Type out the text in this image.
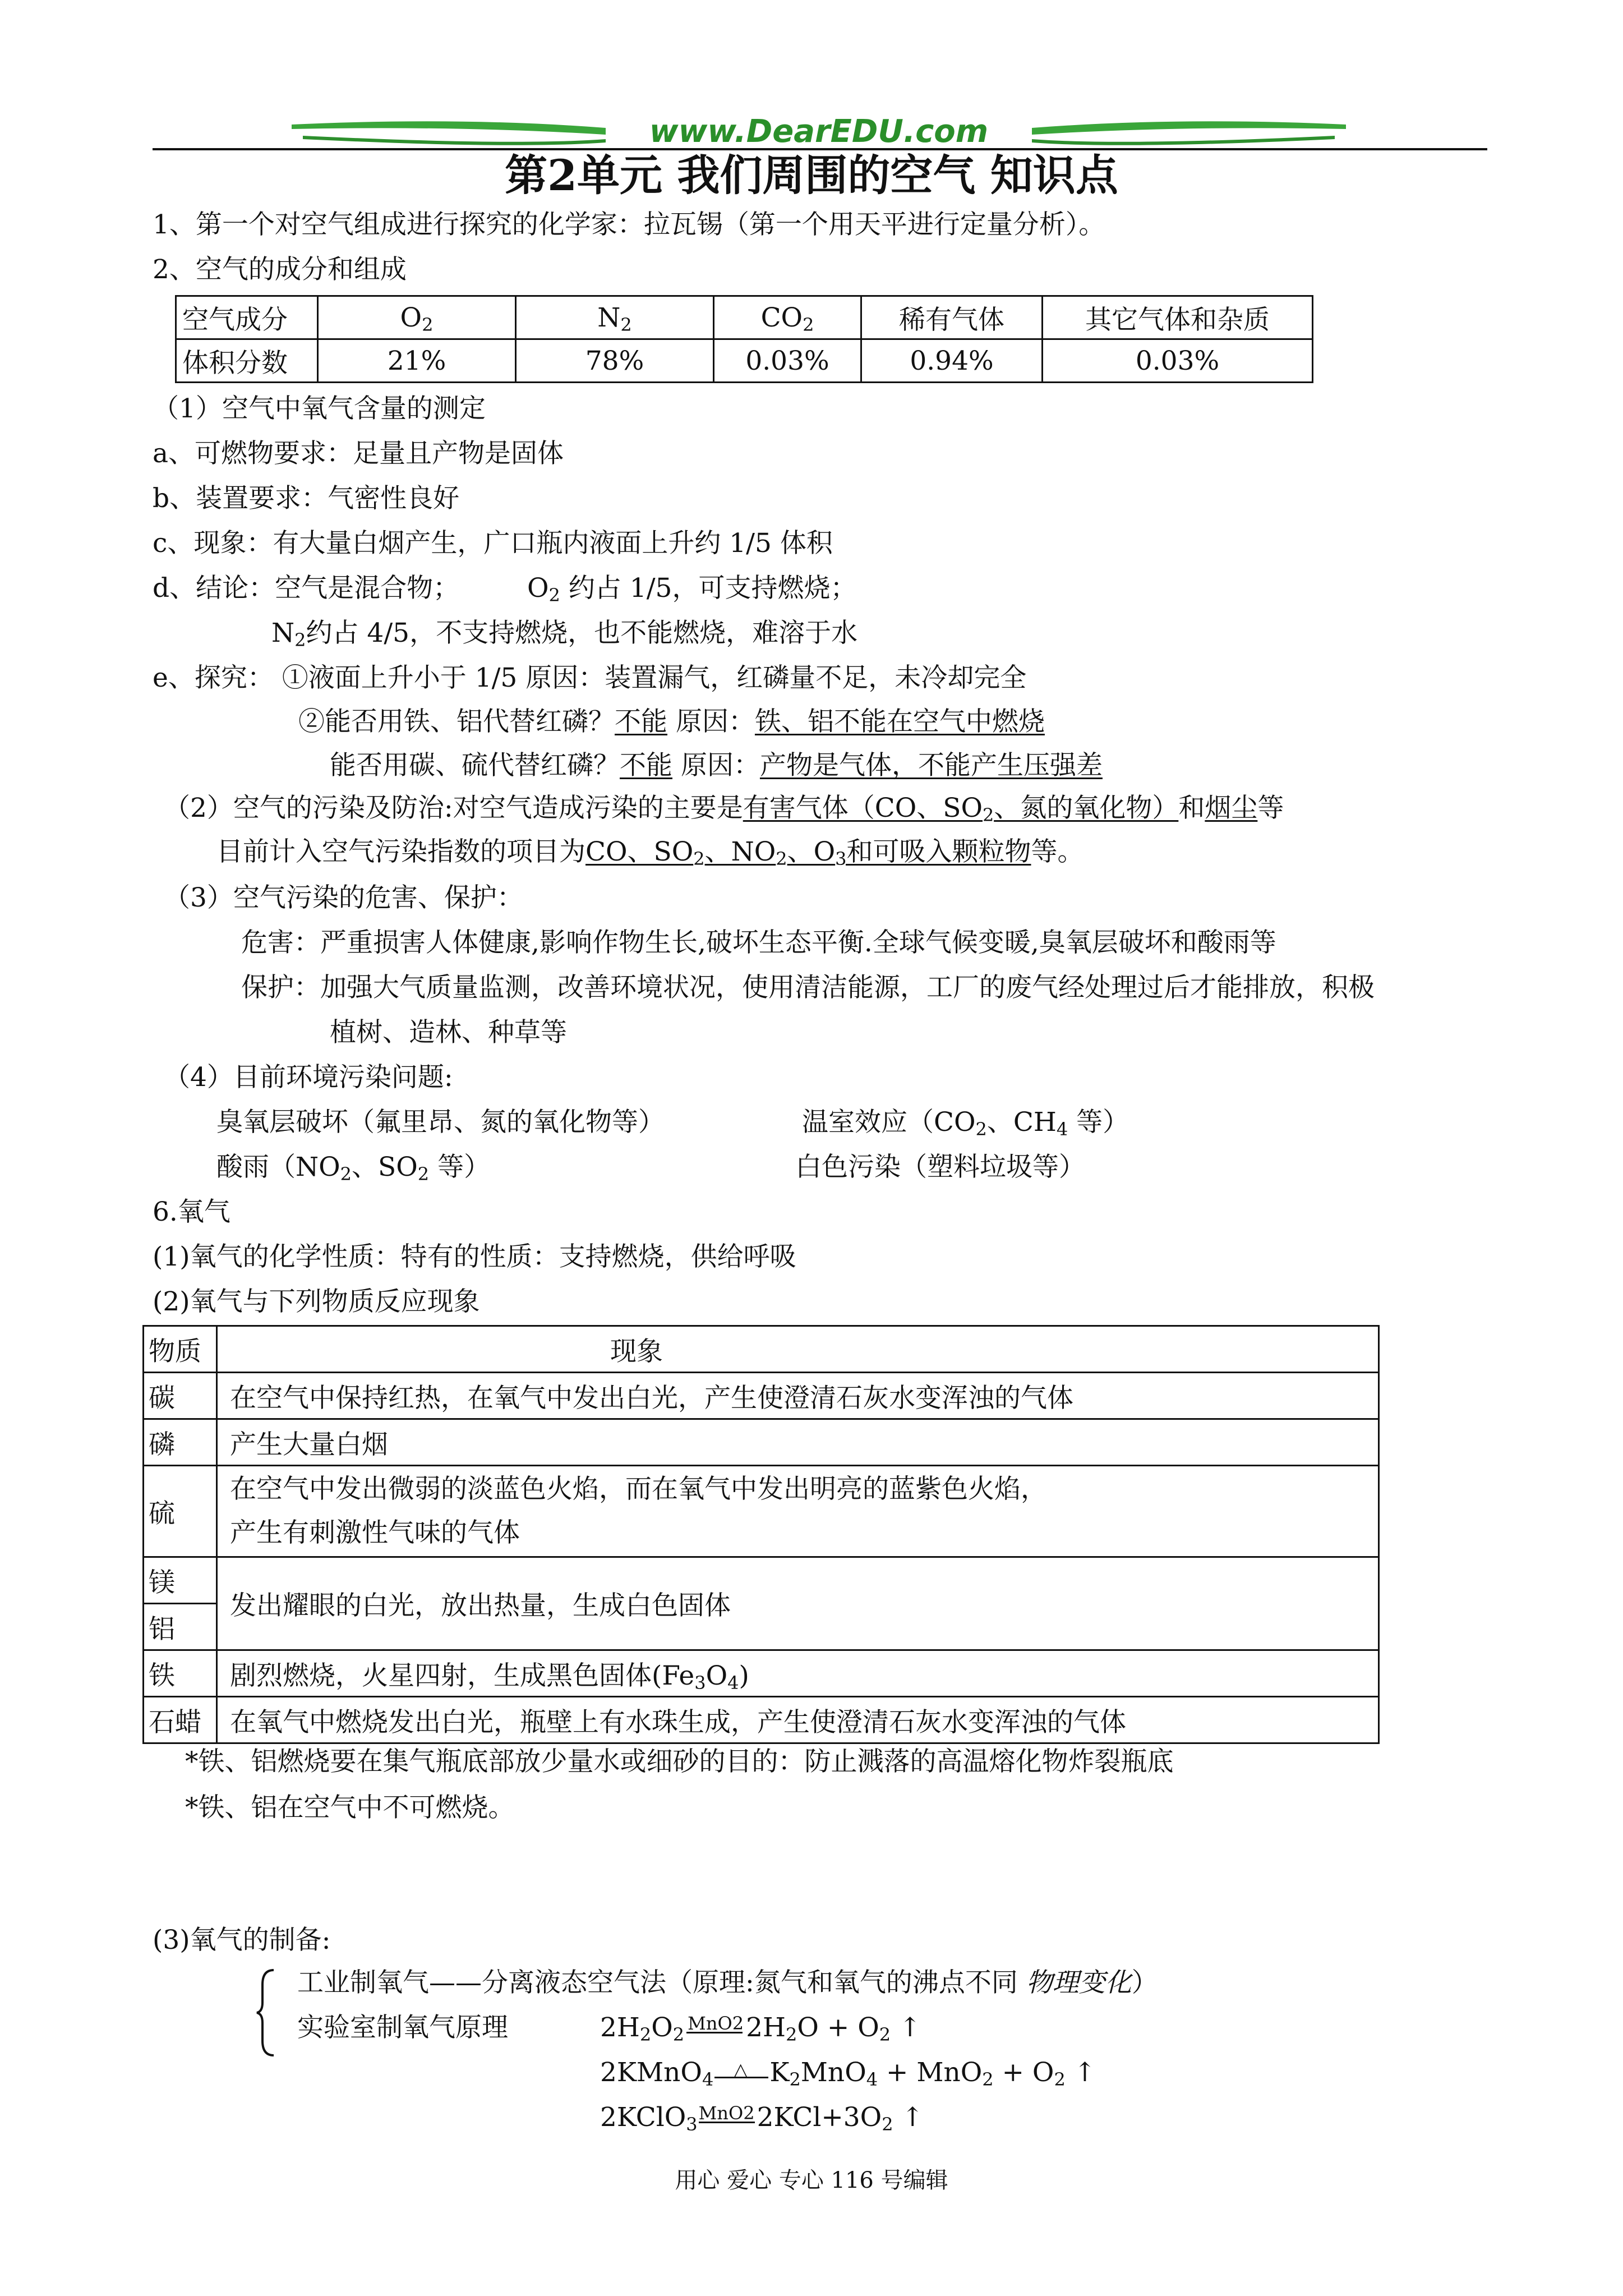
www.DearEDU.com
第2单元 我们周围的空气 知识点
1、第一个对空气组成进行探究的化学家：拉瓦锡（第一个用天平进行定量分析）。
2、空气的成分和组成
空气成分	$O_2$	$N_2$	$CO_2$	稀有气体	其它气体和杂质
体积分数	21%	78%	0.03%	0.94%	0.03%
（1）空气中氧气含量的测定
a、可燃物要求：足量且产物是固体
b、装置要求：气密性良好
c、现象：有大量白烟产生，广口瓶内液面上升约 1/5 体积
d、结论：空气是混合物；	$O_2$ 约占 1/5，可支持燃烧；
$N_2$约占 4/5，不支持燃烧，也不能燃烧，难溶于水
e、探究： ①液面上升小于 1/5 原因：装置漏气，红磷量不足，未冷却完全
②能否用铁、铝代替红磷？不能 原因：铁、铝不能在空气中燃烧
能否用碳、硫代替红磷？不能 原因：产物是气体，不能产生压强差
（2）空气的污染及防治:对空气造成污染的主要是有害气体（CO、$SO_2$、氮的氧化物）和烟尘等
目前计入空气污染指数的项目为CO、$SO_2$、$NO_2$、$O_3$和可吸入颗粒物等。
（3）空气污染的危害、保护：
危害：严重损害人体健康,影响作物生长,破坏生态平衡.全球气候变暖,臭氧层破坏和酸雨等
保护：加强大气质量监测，改善环境状况，使用清洁能源，工厂的废气经处理过后才能排放，积极
植树、造林、种草等
（4）目前环境污染问题:
臭氧层破坏（氟里昂、氮的氧化物等）	温室效应（$CO_2$、$CH_4$ 等）
酸雨（$NO_2$、$SO_2$ 等）	白色污染（塑料垃圾等）
6.氧气
(1)氧气的化学性质：特有的性质：支持燃烧，供给呼吸
(2)氧气与下列物质反应现象
物质	现象
碳	在空气中保持红热，在氧气中发出白光，产生使澄清石灰水变浑浊的气体
磷	产生大量白烟
硫	在空气中发出微弱的淡蓝色火焰，而在氧气中发出明亮的蓝紫色火焰，
产生有刺激性气味的气体

镁	发出耀眼的白光，放出热量，生成白色固体
铝	
铁	剧烈燃烧，火星四射，生成黑色固体$(Fe_3O_4)$
石蜡	在氧气中燃烧发出白光，瓶壁上有水珠生成，产生使澄清石灰水变浑浊的气体
*铁、铝燃烧要在集气瓶底部放少量水或细砂的目的：防止溅落的高温熔化物炸裂瓶底
*铁、铝在空气中不可燃烧。
(3)氧气的制备:
工业制氧气——分离液态空气法（原理:氮气和氧气的沸点不同 物理变化）
实验室制氧气原理	$2H_2O_2$
MnO2 $2H_2O + O_2$ ↑
2KMnO$_4$ △ $K_2MnO_4 + MnO_2 + O_2$ ↑
2KClO$_3$
MnO2 $2KCl+3O_2$ ↑
用心 爱心 专心 116 号编辑
